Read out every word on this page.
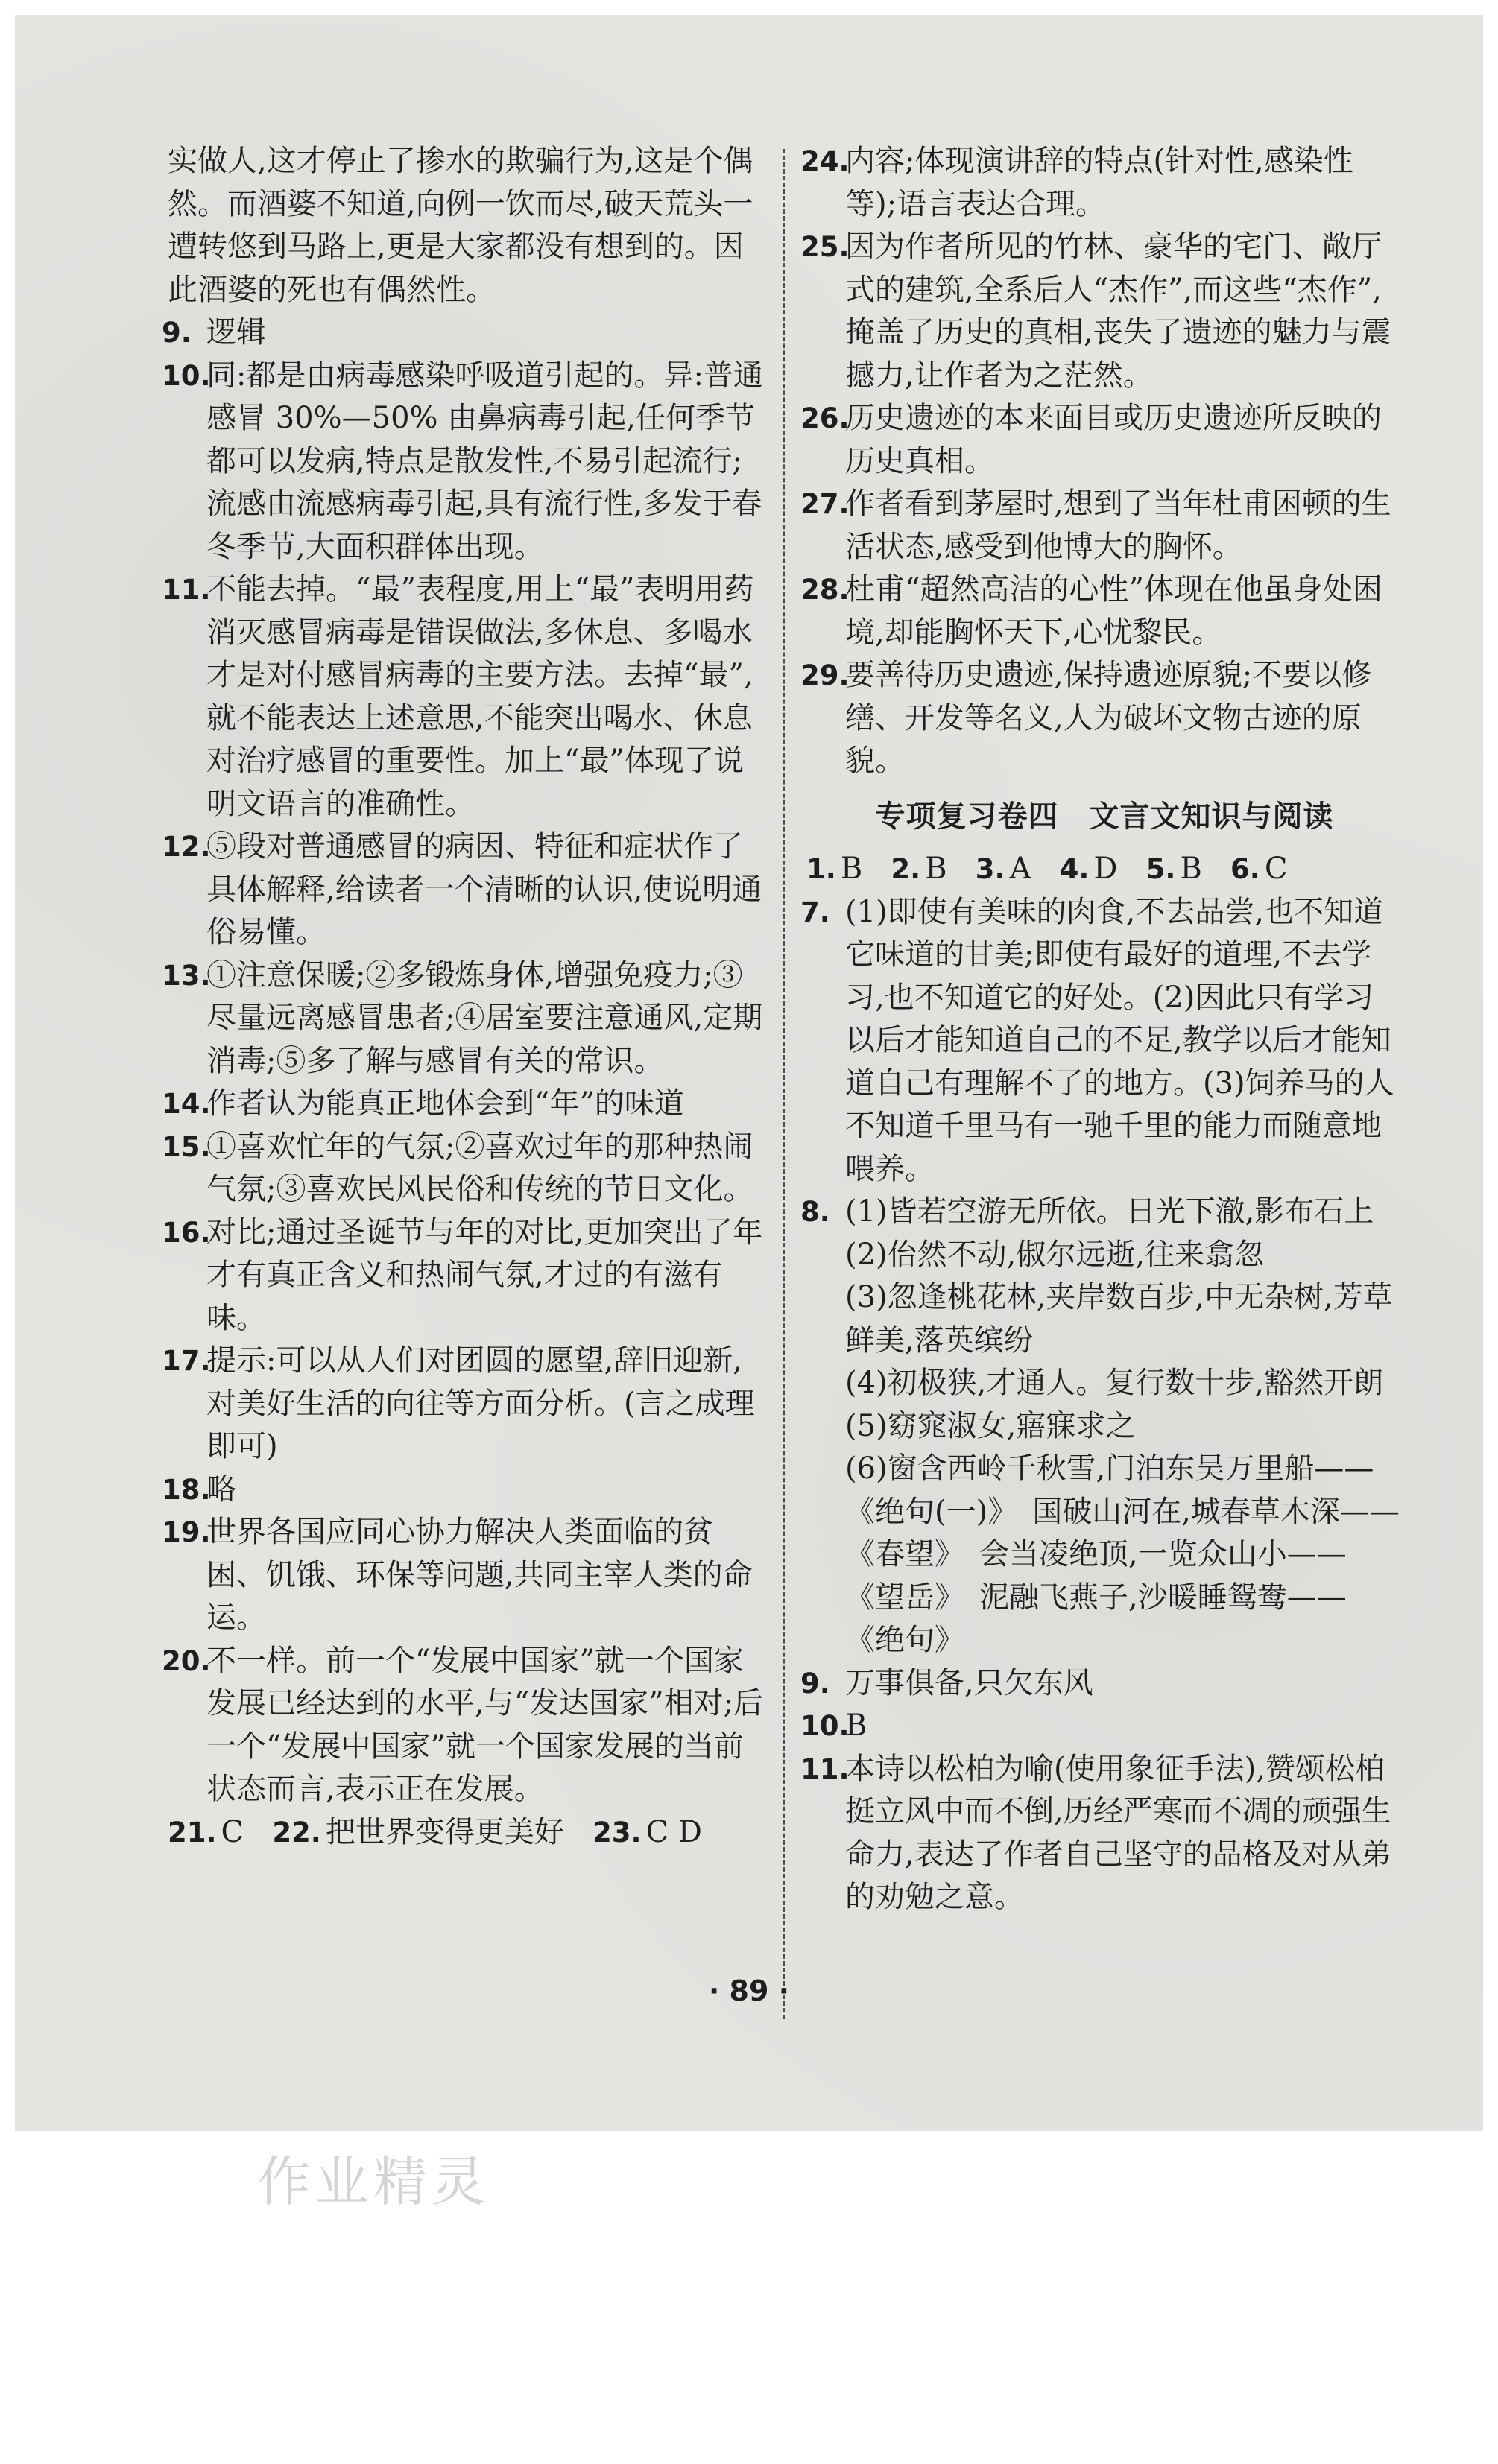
实做人,这才停止了掺水的欺骗行为,这是个偶然。而酒婆不知道,向例一饮而尽,破天荒头一遭转悠到马路上,更是大家都没有想到的。因此酒婆的死也有偶然性。

9. 逻辑

10.
同:都是由病毒感染呼吸道引起的。异:普通感冒 30%—50% 由鼻病毒引起,任何季节都可以发病,特点是散发性,不易引起流行;流感由流感病毒引起,具有流行性,多发于春冬季节,大面积群体出现。

11.
不能去掉。“最”表程度,用上“最”表明用药消灭感冒病毒是错误做法,多休息、多喝水才是对付感冒病毒的主要方法。去掉“最”,就不能表达上述意思,不能突出喝水、休息对治疗感冒的重要性。加上“最”体现了说明文语言的准确性。

12.
⑤段对普通感冒的病因、特征和症状作了具体解释,给读者一个清晰的认识,使说明通俗易懂。

13.
①注意保暖;②多锻炼身体,增强免疫力;③尽量远离感冒患者;④居室要注意通风,定期消毒;⑤多了解与感冒有关的常识。

14.
作者认为能真正地体会到“年”的味道

15.
①喜欢忙年的气氛;②喜欢过年的那种热闹气氛;③喜欢民风民俗和传统的节日文化。

16.
对比;通过圣诞节与年的对比,更加突出了年才有真正含义和热闹气氛,才过的有滋有味。

17.
提示:可以从人们对团圆的愿望,辞旧迎新,对美好生活的向往等方面分析。(言之成理即可)

18.
略

19.
世界各国应同心协力解决人类面临的贫困、饥饿、环保等问题,共同主宰人类的命运。

20.
不一样。前一个“发展中国家”就一个国家发展已经达到的水平,与“发达国家”相对;后一个“发展中国家”就一个国家发展的当前状态而言,表示正在发展。

21. C 22. 把世界变得更美好 23. C D

24.
内容;体现演讲辞的特点(针对性,感染性等);语言表达合理。

25.
因为作者所见的竹林、豪华的宅门、敞厅式的建筑,全系后人“杰作”,而这些“杰作”,掩盖了历史的真相,丧失了遗迹的魅力与震撼力,让作者为之茫然。

26.
历史遗迹的本来面目或历史遗迹所反映的历史真相。

27.
作者看到茅屋时,想到了当年杜甫困顿的生活状态,感受到他博大的胸怀。

28.
杜甫“超然高洁的心性”体现在他虽身处困境,却能胸怀天下,心忧黎民。

29.
要善待历史遗迹,保持遗迹原貌;不要以修缮、开发等名义,人为破坏文物古迹的原貌。

专项复习卷四　文言文知识与阅读

1. B 2. B 3. A 4. D 5. B 6. C

7. (1)即使有美味的肉食,不去品尝,也不知道它味道的甘美;即使有最好的道理,不去学习,也不知道它的好处。(2)因此只有学习以后才能知道自己的不足,教学以后才能知道自己有理解不了的地方。(3)饲养马的人不知道千里马有一驰千里的能力而随意地喂养。

8. (1)皆若空游无所依。日光下澈,影布石上
(2)佁然不动,俶尔远逝,往来翕忽
(3)忽逢桃花林,夹岸数百步,中无杂树,芳草鲜美,落英缤纷
(4)初极狭,才通人。复行数十步,豁然开朗
(5)窈窕淑女,寤寐求之
(6)窗含西岭千秋雪,门泊东吴万里船——《绝句(一)》　国破山河在,城春草木深——《春望》　会当凌绝顶,一览众山小——《望岳》　泥融飞燕子,沙暖睡鸳鸯——《绝句》

9. 万事俱备,只欠东风

10.
B

11.
本诗以松柏为喻(使用象征手法),赞颂松柏挺立风中而不倒,历经严寒而不凋的顽强生命力,表达了作者自己坚守的品格及对从弟的劝勉之意。

· 89 ·
作业精灵
